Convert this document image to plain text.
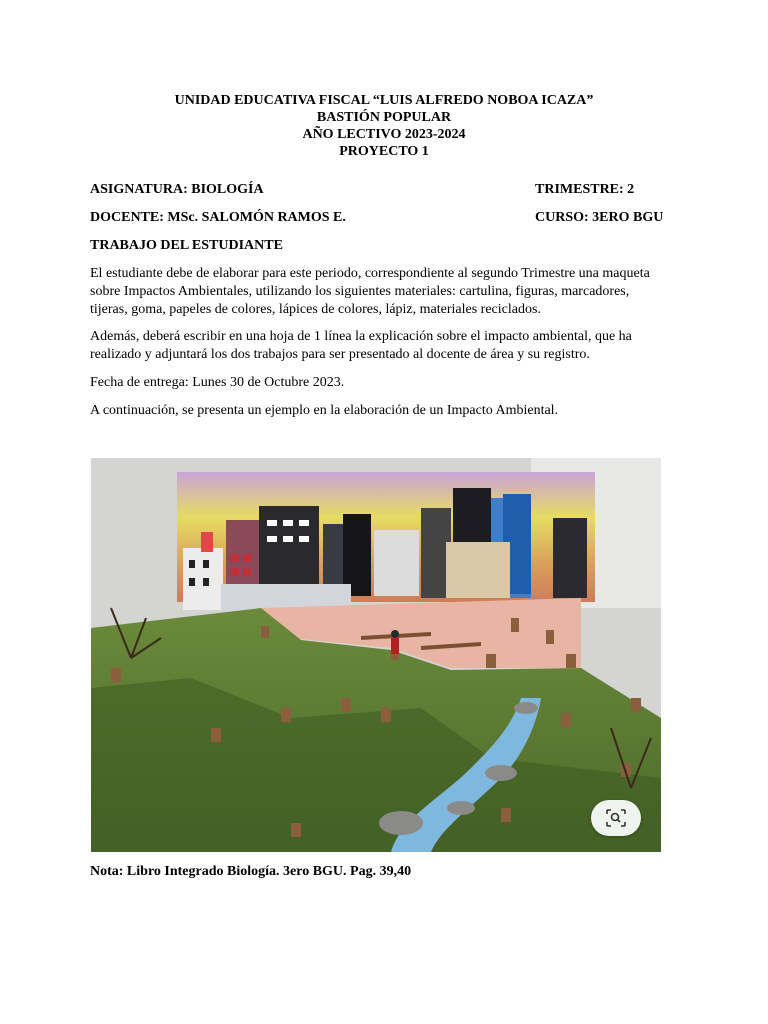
UNIDAD EDUCATIVA FISCAL “LUIS ALFREDO NOBOA ICAZA”
BASTIÓN POPULAR
AÑO LECTIVO 2023-2024
PROYECTO 1
ASIGNATURA: BIOLOGÍA	TRIMESTRE: 2
DOCENTE: MSc. SALOMÓN RAMOS E.	CURSO: 3ERO BGU
TRABAJO DEL ESTUDIANTE
El estudiante debe de elaborar para este periodo, correspondiente al segundo Trimestre una maqueta sobre Impactos Ambientales, utilizando los siguientes materiales: cartulina, figuras, marcadores, tijeras, goma, papeles de colores, lápices de colores, lápiz, materiales reciclados.
Además, deberá escribir en una hoja de 1 línea la explicación sobre el impacto ambiental, que ha realizado y adjuntará los dos trabajos para ser presentado al docente de área y su registro.
Fecha de entrega: Lunes 30 de Octubre 2023.
A continuación, se presenta un ejemplo en la elaboración de un Impacto Ambiental.
Nota: Libro Integrado Biología. 3ero BGU. Pag. 39,40
